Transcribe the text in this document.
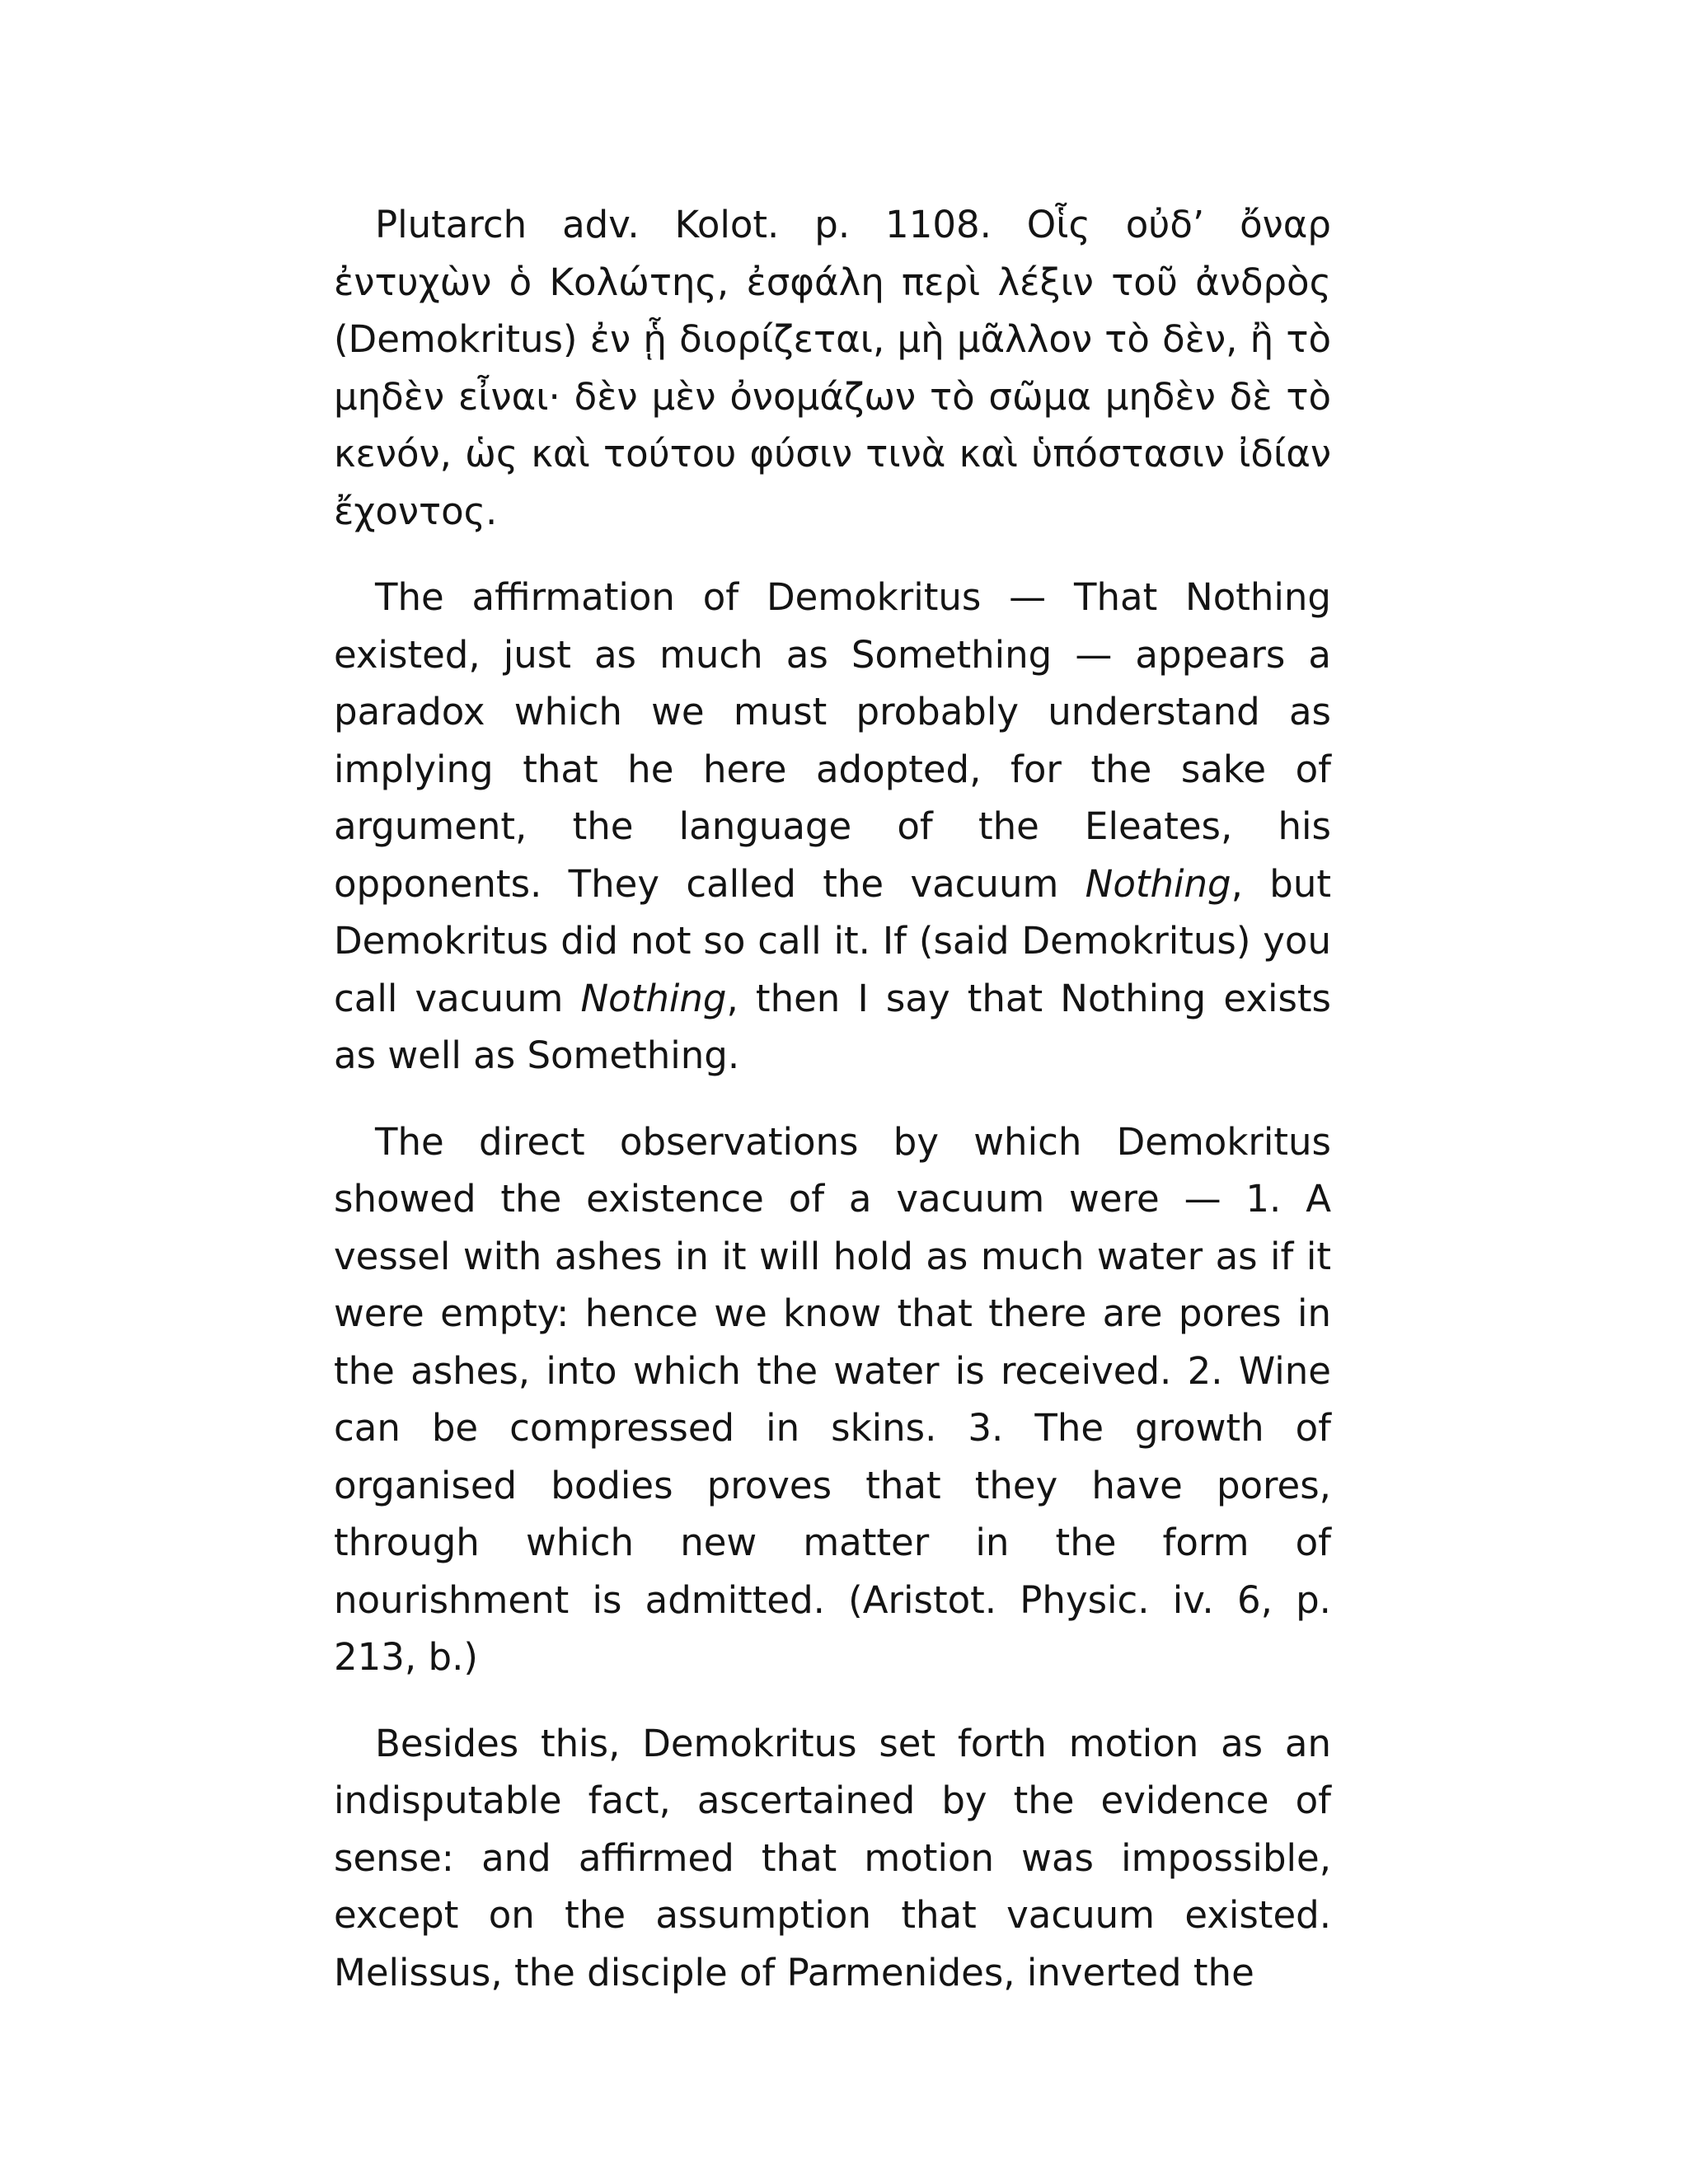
Plutarch adv. Kolot. p. 1108. Οἷς οὐδ’ ὄναρ ἐντυχὼν ὁ Κολώτης, ἐσφάλη περὶ λέξιν τοῦ ἀνδρὸς (Demokritus) ἐν ᾗ διορίζεται, μὴ μᾶλλον τὸ δὲν, ἢ τὸ μηδὲν εἶναι· δὲν μὲν ὀνομάζων τὸ σῶμα μηδὲν δὲ τὸ κενόν, ὡς καὶ τούτου φύσιν τινὰ καὶ ὑπόστασιν ἰδίαν ἔχοντος.

The affirmation of Demokritus — That Nothing existed, just as much as Something — appears a paradox which we must probably understand as implying that he here adopted, for the sake of argument, the language of the Eleates, his opponents. They called the vacuum Nothing, but Demokritus did not so call it. If (said Demokritus) you call vacuum Nothing, then I say that Nothing exists as well as Something.

The direct observations by which Demokritus showed the existence of a vacuum were — 1. A vessel with ashes in it will hold as much water as if it were empty: hence we know that there are pores in the ashes, into which the water is received. 2. Wine can be compressed in skins. 3. The growth of organised bodies proves that they have pores, through which new matter in the form of nourishment is admitted. (Aristot. Physic. iv. 6, p. 213, b.)

Besides this, Demokritus set forth motion as an indisputable fact, ascertained by the evidence of sense: and affirmed that motion was impossible, except on the assumption that vacuum existed. Melissus, the disciple of Parmenides, inverted the
